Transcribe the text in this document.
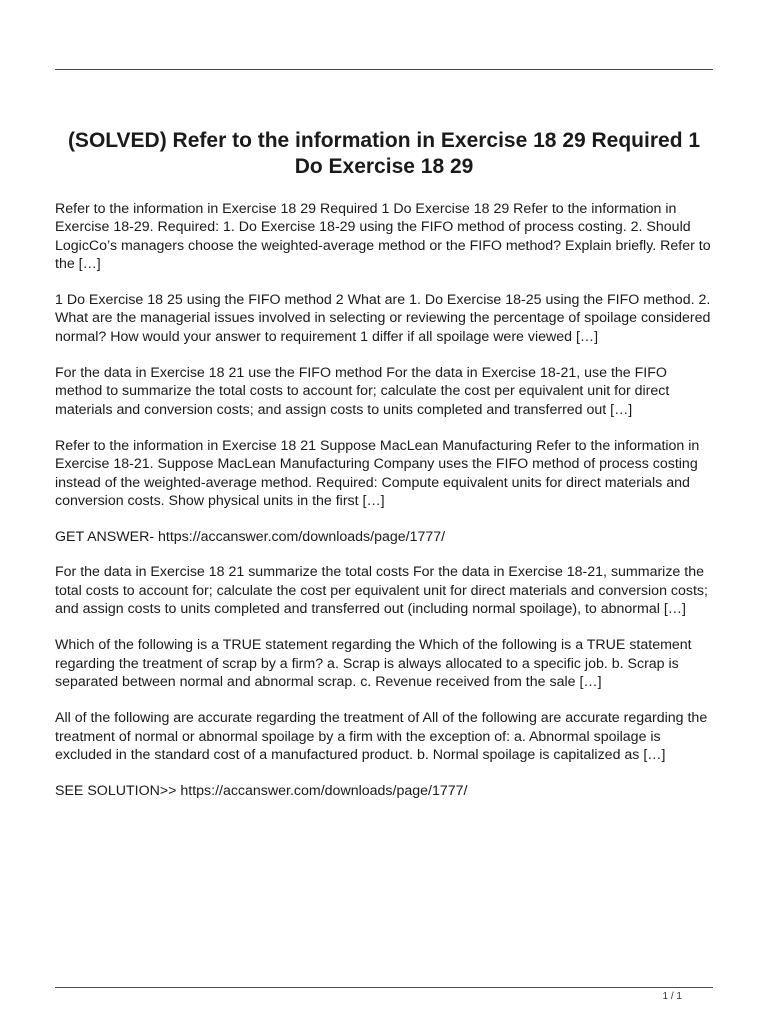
(SOLVED) Refer to the information in Exercise 18 29 Required 1 Do Exercise 18 29

Refer to the information in Exercise 18 29 Required 1 Do Exercise 18 29 Refer to the information in Exercise 18-29. Required: 1. Do Exercise 18-29 using the FIFO method of process costing. 2. Should LogicCo’s managers choose the weighted-average method or the FIFO method? Explain briefly. Refer to the […]

1 Do Exercise 18 25 using the FIFO method 2 What are 1. Do Exercise 18-25 using the FIFO method. 2. What are the managerial issues involved in selecting or reviewing the percentage of spoilage considered normal? How would your answer to requirement 1 differ if all spoilage were viewed […]

For the data in Exercise 18 21 use the FIFO method For the data in Exercise 18-21, use the FIFO method to summarize the total costs to account for; calculate the cost per equivalent unit for direct materials and conversion costs; and assign costs to units completed and transferred out […]

Refer to the information in Exercise 18 21 Suppose MacLean Manufacturing Refer to the information in Exercise 18-21. Suppose MacLean Manufacturing Company uses the FIFO method of process costing instead of the weighted-average method. Required: Compute equivalent units for direct materials and conversion costs. Show physical units in the first […]

GET ANSWER- https://accanswer.com/downloads/page/1777/

For the data in Exercise 18 21 summarize the total costs For the data in Exercise 18-21, summarize the total costs to account for; calculate the cost per equivalent unit for direct materials and conversion costs; and assign costs to units completed and transferred out (including normal spoilage), to abnormal […]

Which of the following is a TRUE statement regarding the Which of the following is a TRUE statement regarding the treatment of scrap by a firm? a. Scrap is always allocated to a specific job. b. Scrap is separated between normal and abnormal scrap. c. Revenue received from the sale […]

All of the following are accurate regarding the treatment of All of the following are accurate regarding the treatment of normal or abnormal spoilage by a firm with the exception of: a. Abnormal spoilage is excluded in the standard cost of a manufactured product. b. Normal spoilage is capitalized as […]

SEE SOLUTION>> https://accanswer.com/downloads/page/1777/

1 / 1
